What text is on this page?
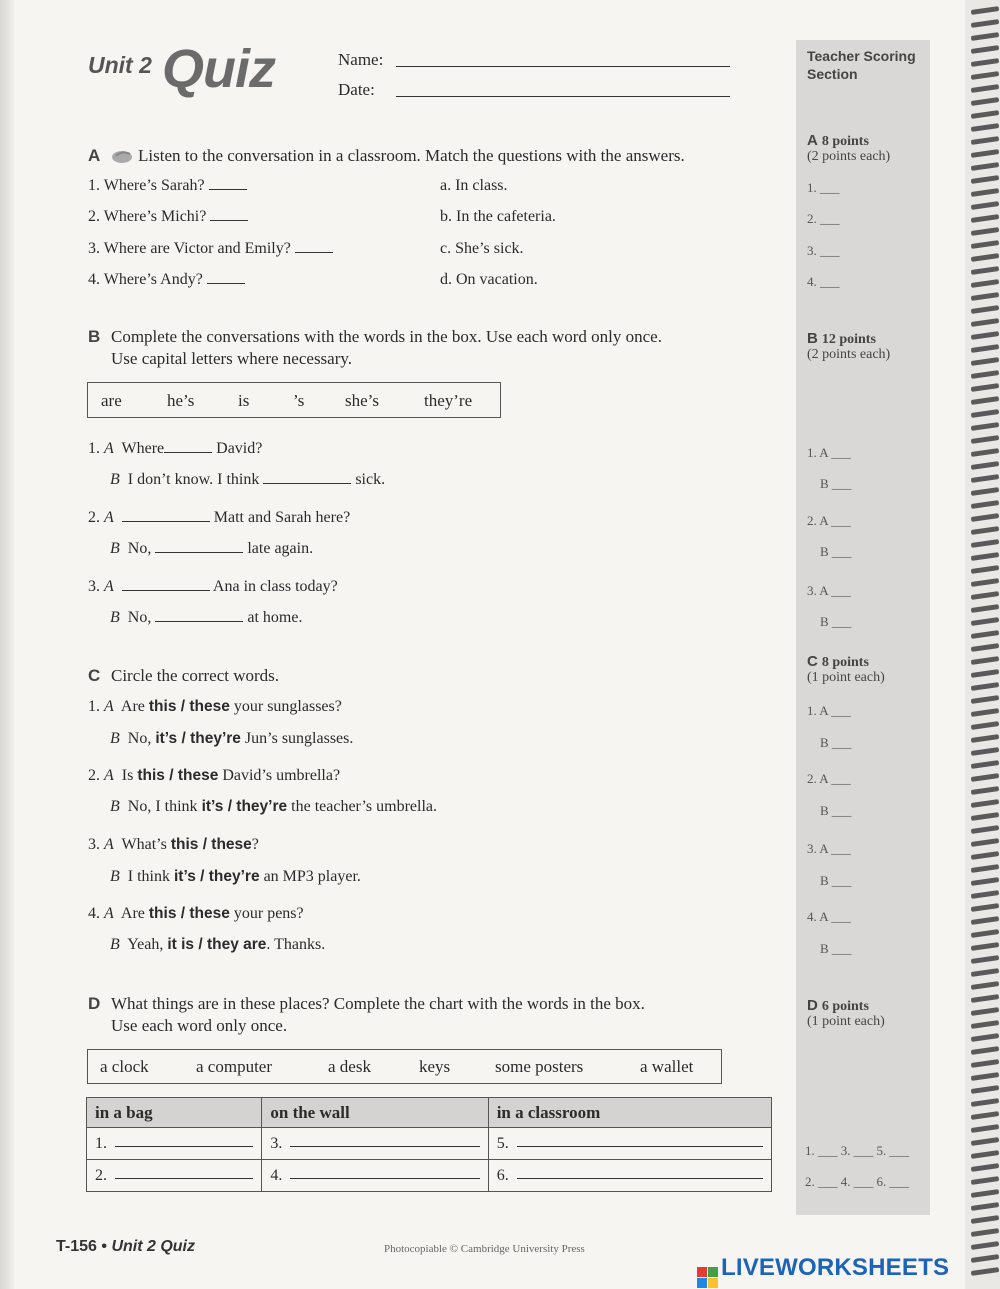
Unit 2 Quiz	Name:
Date:
Teacher Scoring
Section
A Listen to the conversation in a classroom. Match the questions with the answers.
1. Where’s Sarah?
2. Where’s Michi?
3. Where are Victor and Emily?
4. Where’s Andy?
a. In class.
b. In the cafeteria.
c. She’s sick.
d. On vacation.
A 8 points
(2 points each)
1. ___
2. ___
3. ___
4. ___
B Complete the conversations with the words in the box. Use each word only once.
Use capital letters where necessary.
are	he’s	is	’s she’s	they’re
1. A Where	David?
B I don’t know. I think	sick.
2. A	Matt and Sarah here?
B No,	late again.
3. A	Ana in class today?
B No,	at home.
B 12 points
(2 points each)
1. A ___
B ___
2. A ___
B ___
3. A ___
B ___
C Circle the correct words.
1. A Are this / these your sunglasses?
B No, it’s / they’re Jun’s sunglasses.
2. A Is this / these David’s umbrella?
B No, I think it’s / they’re the teacher’s umbrella.
3. A What’s this / these?
B I think it’s / they’re an MP3 player.
4. A Are this / these your pens?
B Yeah, it is / they are. Thanks.
C 8 points
(1 point each)
1. A ___
B ___
2. A ___
B ___
3. A ___
B ___
4. A ___
B ___
D What things are in these places? Complete the chart with the words in the box.
Use each word only once.
a clock	a computer	a desk	keys	some posters	a wallet
in a bag	on the wall	in a classroom

1.	3.	5.

2.	4.	6.
D 6 points
(1 point each)
1. ___ 3. ___ 5. ___
2. ___ 4. ___ 6. ___
T-156 • Unit 2 Quiz	Photocopiable © Cambridge University Press
LIVEWORKSHEETS
